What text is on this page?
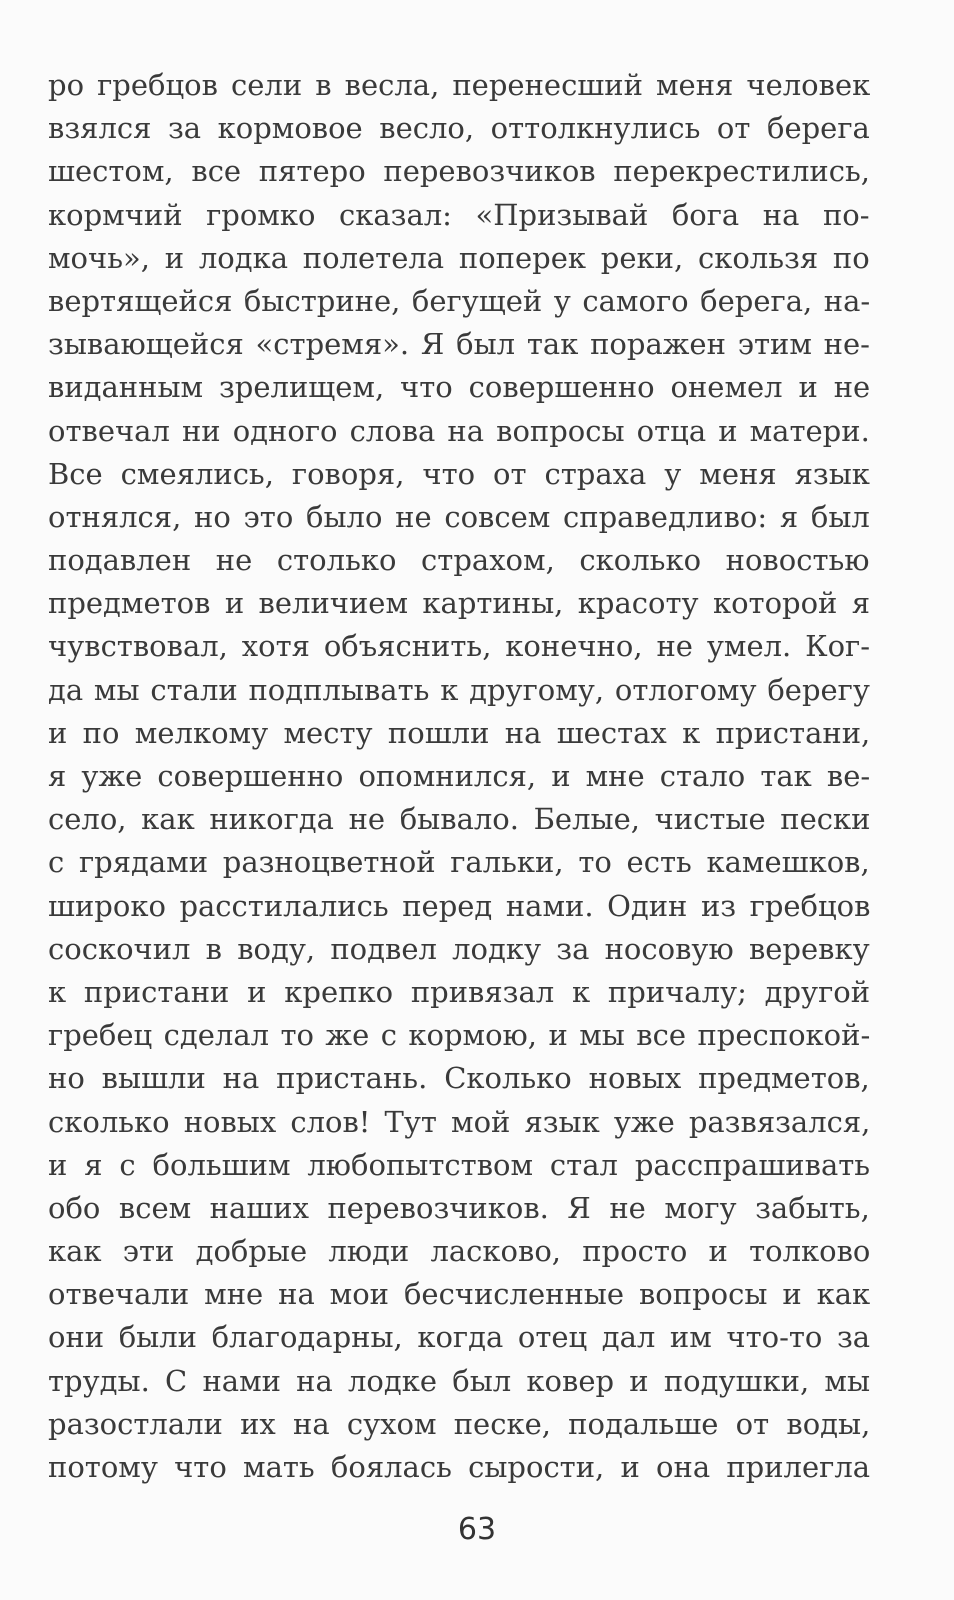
ро гребцов сели в весла, перенесший меня человек
взялся за кормовое весло, оттолкнулись от берега
шестом, все пятеро перевозчиков перекрестились,
кормчий громко сказал: «Призывай бога на по-
мочь», и лодка полетела поперек реки, скользя по
вертящейся быстрине, бегущей у самого берега, на-
зывающейся «стремя». Я был так поражен этим не-
виданным зрелищем, что совершенно онемел и не
отвечал ни одного слова на вопросы отца и матери.
Все смеялись, говоря, что от страха у меня язык
отнялся, но это было не совсем справедливо: я был
подавлен не столько страхом, сколько новостью
предметов и величием картины, красоту которой я
чувствовал, хотя объяснить, конечно, не умел. Ког-
да мы стали подплывать к другому, отлогому берегу
и по мелкому месту пошли на шестах к пристани,
я уже совершенно опомнился, и мне стало так ве-
село, как никогда не бывало. Белые, чистые пески
с грядами разноцветной гальки, то есть камешков,
широко расстилались перед нами. Один из гребцов
соскочил в воду, подвел лодку за носовую веревку
к пристани и крепко привязал к причалу; другой
гребец сделал то же с кормою, и мы все преспокой-
но вышли на пристань. Сколько новых предметов,
сколько новых слов! Тут мой язык уже развязался,
и я с большим любопытством стал расспрашивать
обо всем наших перевозчиков. Я не могу забыть,
как эти добрые люди ласково, просто и толково
отвечали мне на мои бесчисленные вопросы и как
они были благодарны, когда отец дал им что-то за
труды. С нами на лодке был ковер и подушки, мы
разостлали их на сухом песке, подальше от воды,
потому что мать боялась сырости, и она прилегла
63
